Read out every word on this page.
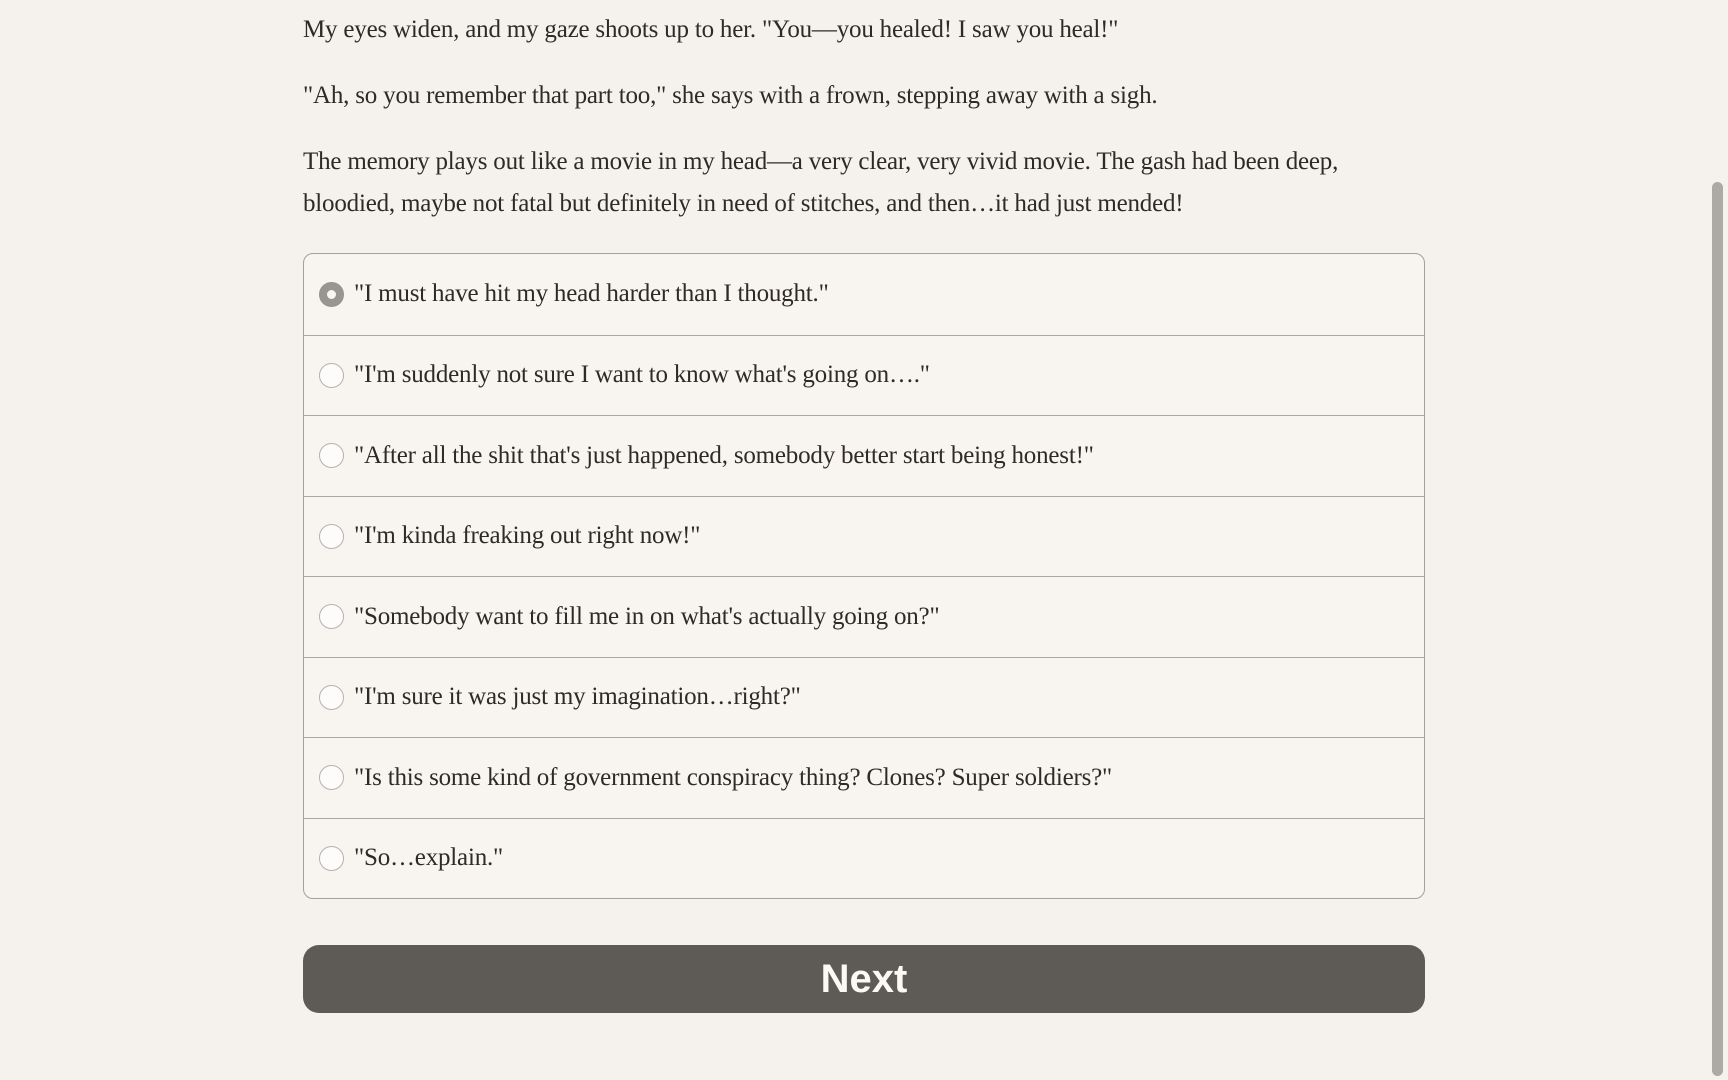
My eyes widen, and my gaze shoots up to her. "You—you healed! I saw you heal!"

"Ah, so you remember that part too," she says with a frown, stepping away with a sigh.

The memory plays out like a movie in my head—a very clear, very vivid movie. The gash had been deep, bloodied, maybe not fatal but definitely in need of stitches, and then…it had just mended!

"I must have hit my head harder than I thought."
"I'm suddenly not sure I want to know what's going on…."
"After all the shit that's just happened, somebody better start being honest!"
"I'm kinda freaking out right now!"
"Somebody want to fill me in on what's actually going on?"
"I'm sure it was just my imagination…right?"
"Is this some kind of government conspiracy thing? Clones? Super soldiers?"
"So…explain."
Next
